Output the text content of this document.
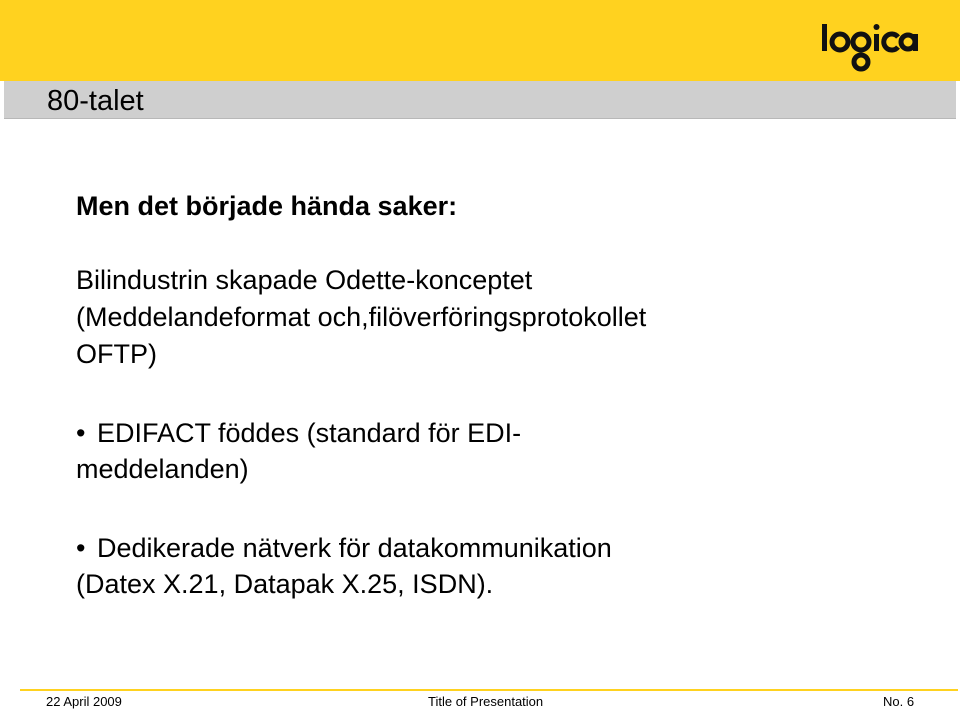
80-talet
Men det började hända saker:
Bilindustrin skapade Odette-konceptet
(Meddelandeformat och,filöverföringsprotokollet
OFTP)
• EDIFACT föddes (standard för EDI-
meddelanden)
• Dedikerade nätverk för datakommunikation
(Datex X.21, Datapak X.25, ISDN).
22 April 2009	Title of Presentation	No. 6
